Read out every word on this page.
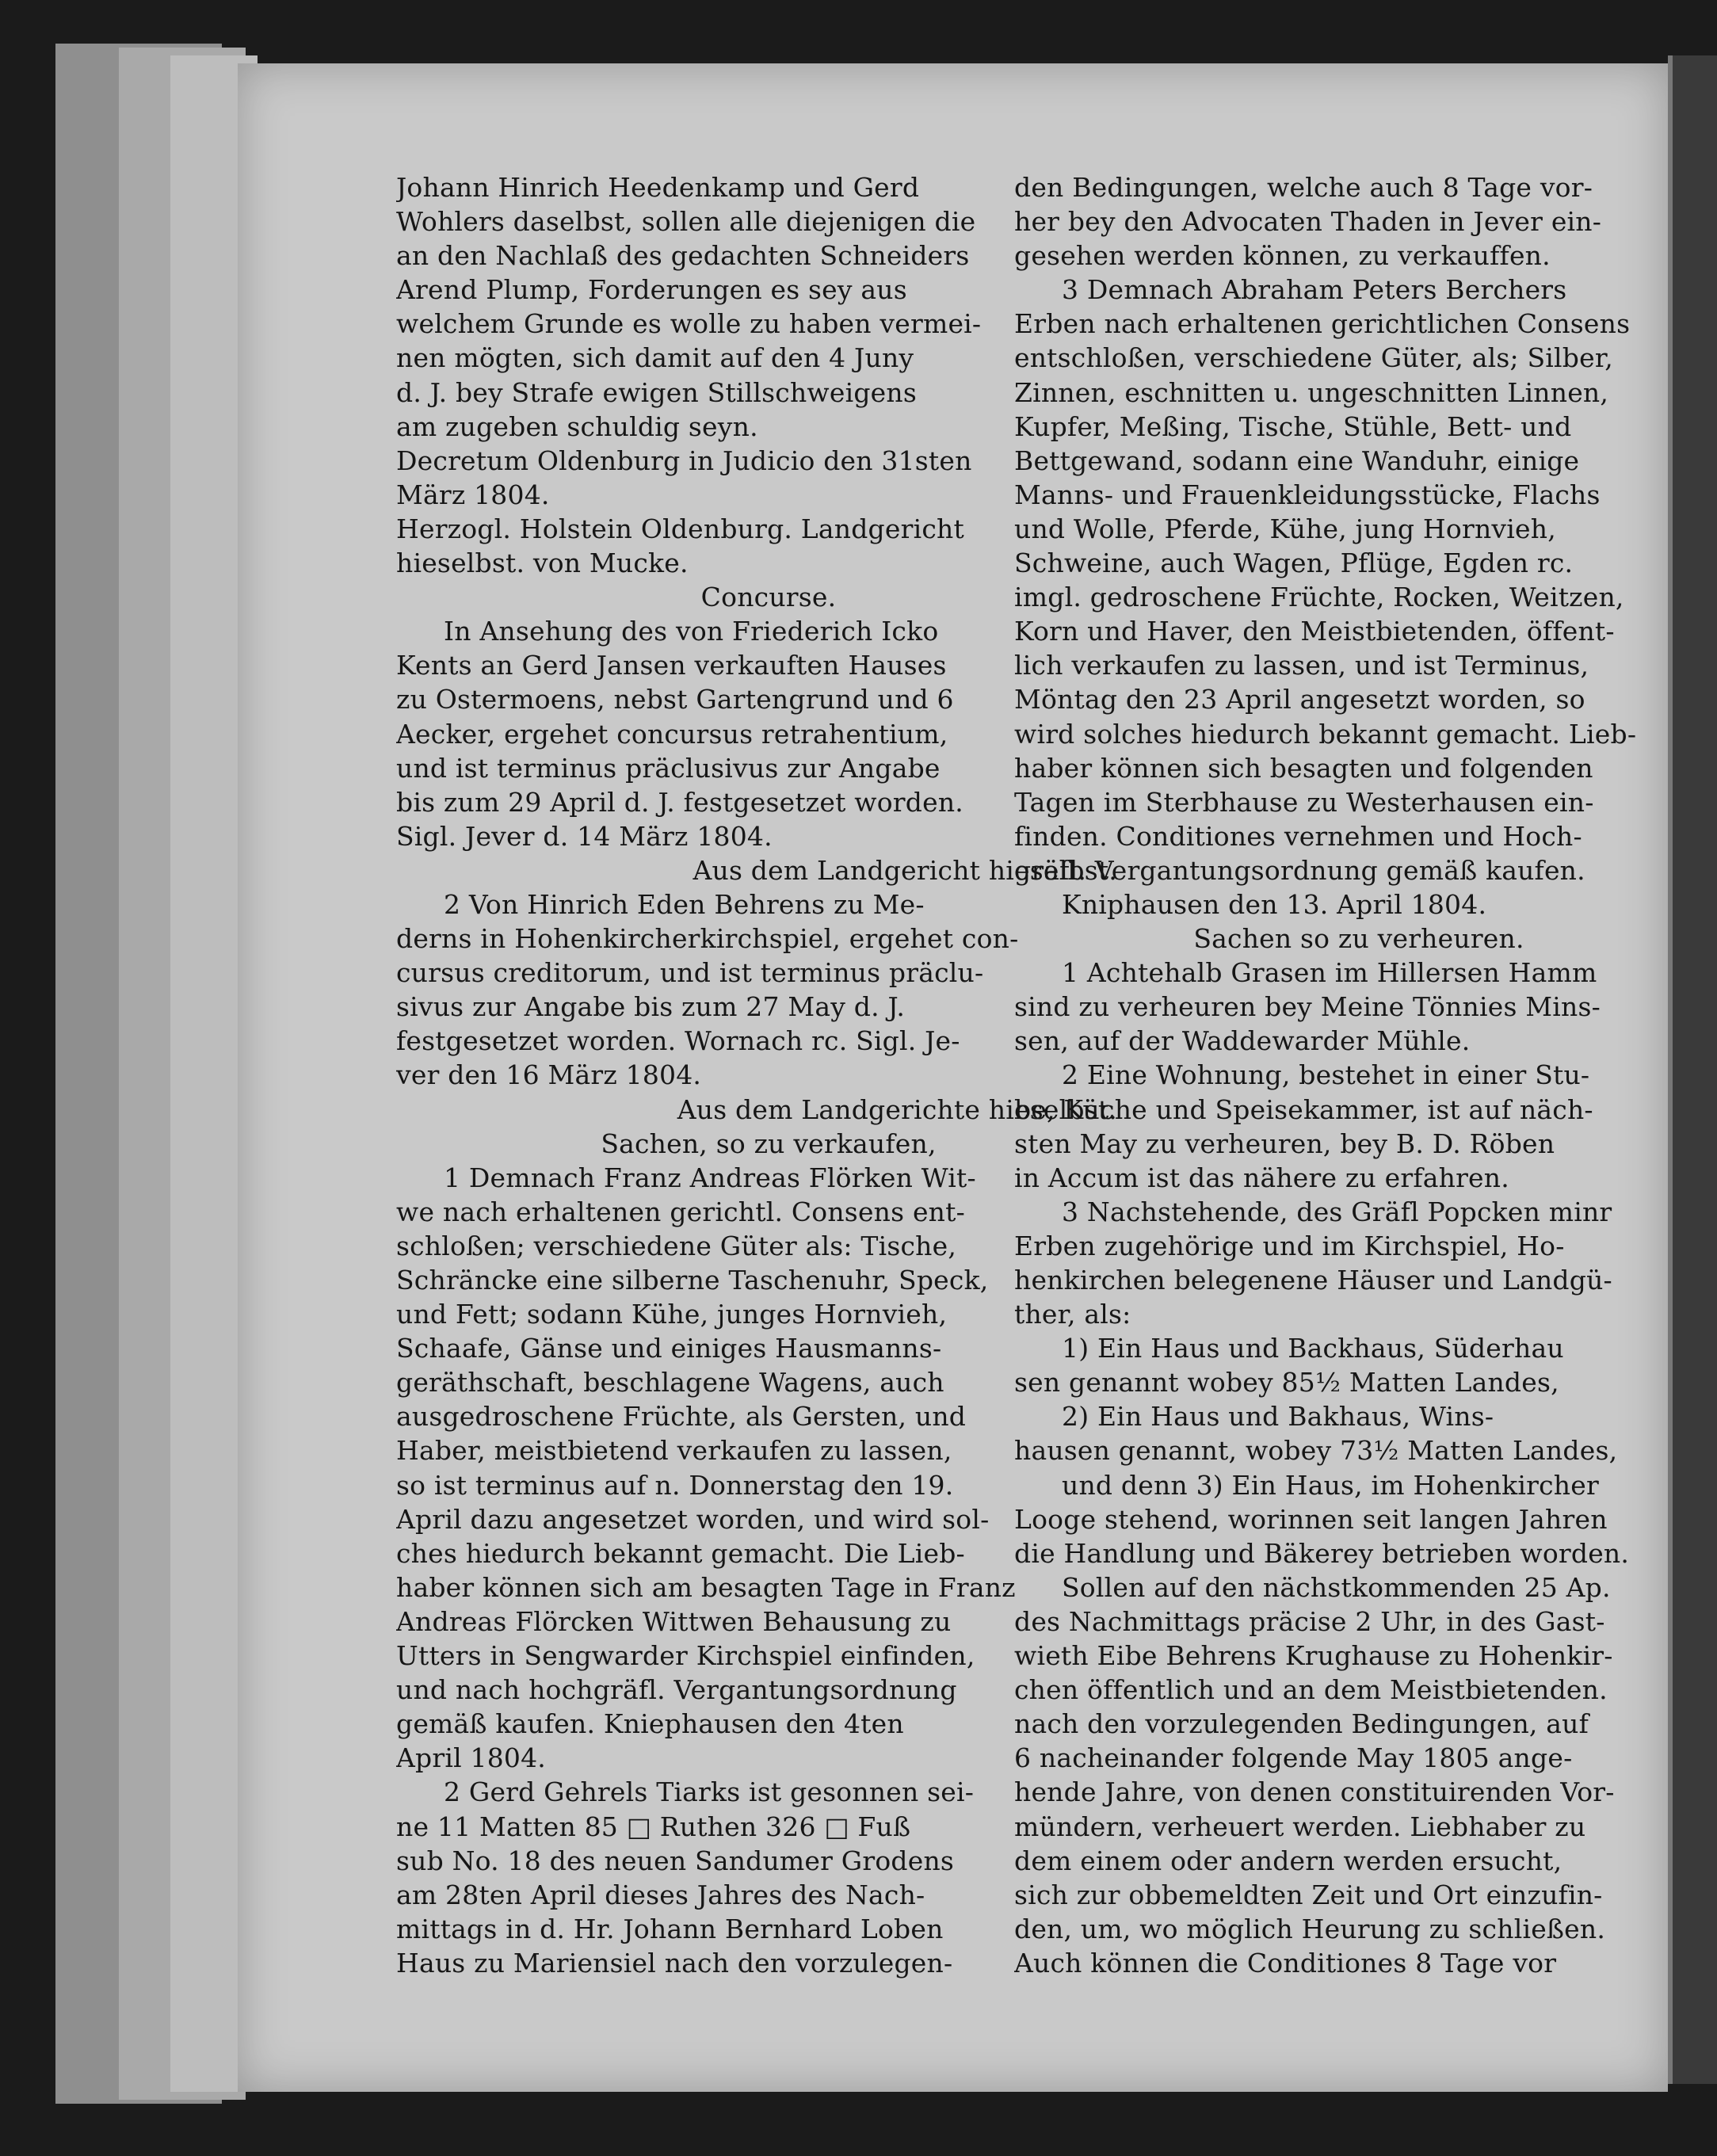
Johann Hinrich Heedenkamp und Gerd
Wohlers daselbst, sollen alle diejenigen die
an den Nachlaß des gedachten Schneiders
Arend Plump, Forderungen es sey aus
welchem Grunde es wolle zu haben vermei-
nen mögten, sich damit auf den 4 Juny
d. J. bey Strafe ewigen Stillschweigens
am zugeben schuldig seyn.
Decretum Oldenburg in Judicio den 31sten
März 1804.
Herzogl. Holstein Oldenburg. Landgericht
hieselbst. von Mucke.
Concurse.
In Ansehung des von Friederich Icko
Kents an Gerd Jansen verkauften Hauses
zu Ostermoens, nebst Gartengrund und 6
Aecker, ergehet concursus retrahentium,
und ist terminus präclusivus zur Angabe
bis zum 29 April d. J. festgesetzet worden.
Sigl. Jever d. 14 März 1804.
Aus dem Landgericht hieselbst.
2 Von Hinrich Eden Behrens zu Me-
derns in Hohenkircherkirchspiel, ergehet con-
cursus creditorum, und ist terminus präclu-
sivus zur Angabe bis zum 27 May d. J.
festgesetzet worden. Wornach rc. Sigl. Je-
ver den 16 März 1804.
Aus dem Landgerichte hieselbst.
Sachen, so zu verkaufen,
1 Demnach Franz Andreas Flörken Wit-
we nach erhaltenen gerichtl. Consens ent-
schloßen; verschiedene Güter als: Tische,
Schräncke eine silberne Taschenuhr, Speck,
und Fett; sodann Kühe, junges Hornvieh,
Schaafe, Gänse und einiges Hausmanns-
geräthschaft, beschlagene Wagens, auch
ausgedroschene Früchte, als Gersten, und
Haber, meistbietend verkaufen zu lassen,
so ist terminus auf n. Donnerstag den 19.
April dazu angesetzet worden, und wird sol-
ches hiedurch bekannt gemacht. Die Lieb-
haber können sich am besagten Tage in Franz
Andreas Flörcken Wittwen Behausung zu
Utters in Sengwarder Kirchspiel einfinden,
und nach hochgräfl. Vergantungsordnung
gemäß kaufen. Kniephausen den 4ten
April 1804.
2 Gerd Gehrels Tiarks ist gesonnen sei-
ne 11 Matten 85 □ Ruthen 326 □ Fuß
sub No. 18 des neuen Sandumer Grodens
am 28ten April dieses Jahres des Nach-
mittags in d. Hr. Johann Bernhard Loben
Haus zu Mariensiel nach den vorzulegen-
den Bedingungen, welche auch 8 Tage vor-
her bey den Advocaten Thaden in Jever ein-
gesehen werden können, zu verkauffen.
3 Demnach Abraham Peters Berchers
Erben nach erhaltenen gerichtlichen Consens
entschloßen, verschiedene Güter, als; Silber,
Zinnen, eschnitten u. ungeschnitten Linnen,
Kupfer, Meßing, Tische, Stühle, Bett- und
Bettgewand, sodann eine Wanduhr, einige
Manns- und Frauenkleidungsstücke, Flachs
und Wolle, Pferde, Kühe, jung Hornvieh,
Schweine, auch Wagen, Pflüge, Egden rc.
imgl. gedroschene Früchte, Rocken, Weitzen,
Korn und Haver, den Meistbietenden, öffent-
lich verkaufen zu lassen, und ist Terminus,
Möntag den 23 April angesetzt worden, so
wird solches hiedurch bekannt gemacht. Lieb-
haber können sich besagten und folgenden
Tagen im Sterbhause zu Westerhausen ein-
finden. Conditiones vernehmen und Hoch-
gräfl. Vergantungsordnung gemäß kaufen.
Kniphausen den 13. April 1804.
Sachen so zu verheuren.
1 Achtehalb Grasen im Hillersen Hamm
sind zu verheuren bey Meine Tönnies Mins-
sen, auf der Waddewarder Mühle.
2 Eine Wohnung, bestehet in einer Stu-
be, Küche und Speisekammer, ist auf näch-
sten May zu verheuren, bey B. D. Röben
in Accum ist das nähere zu erfahren.
3 Nachstehende, des Gräfl Popcken minr
Erben zugehörige und im Kirchspiel, Ho-
henkirchen belegenene Häuser und Landgü-
ther, als:
1) Ein Haus und Backhaus, Süderhau
sen genannt wobey 85½ Matten Landes,
2) Ein Haus und Bakhaus, Wins-
hausen genannt, wobey 73½ Matten Landes,
und denn 3) Ein Haus, im Hohenkircher
Looge stehend, worinnen seit langen Jahren
die Handlung und Bäkerey betrieben worden.
Sollen auf den nächstkommenden 25 Ap.
des Nachmittags präcise 2 Uhr, in des Gast-
wieth Eibe Behrens Krughause zu Hohenkir-
chen öffentlich und an dem Meistbietenden.
nach den vorzulegenden Bedingungen, auf
6 nacheinander folgende May 1805 ange-
hende Jahre, von denen constituirenden Vor-
mündern, verheuert werden. Liebhaber zu
dem einem oder andern werden ersucht,
sich zur obbemeldten Zeit und Ort einzufin-
den, um, wo möglich Heurung zu schließen.
Auch können die Conditiones 8 Tage vor
